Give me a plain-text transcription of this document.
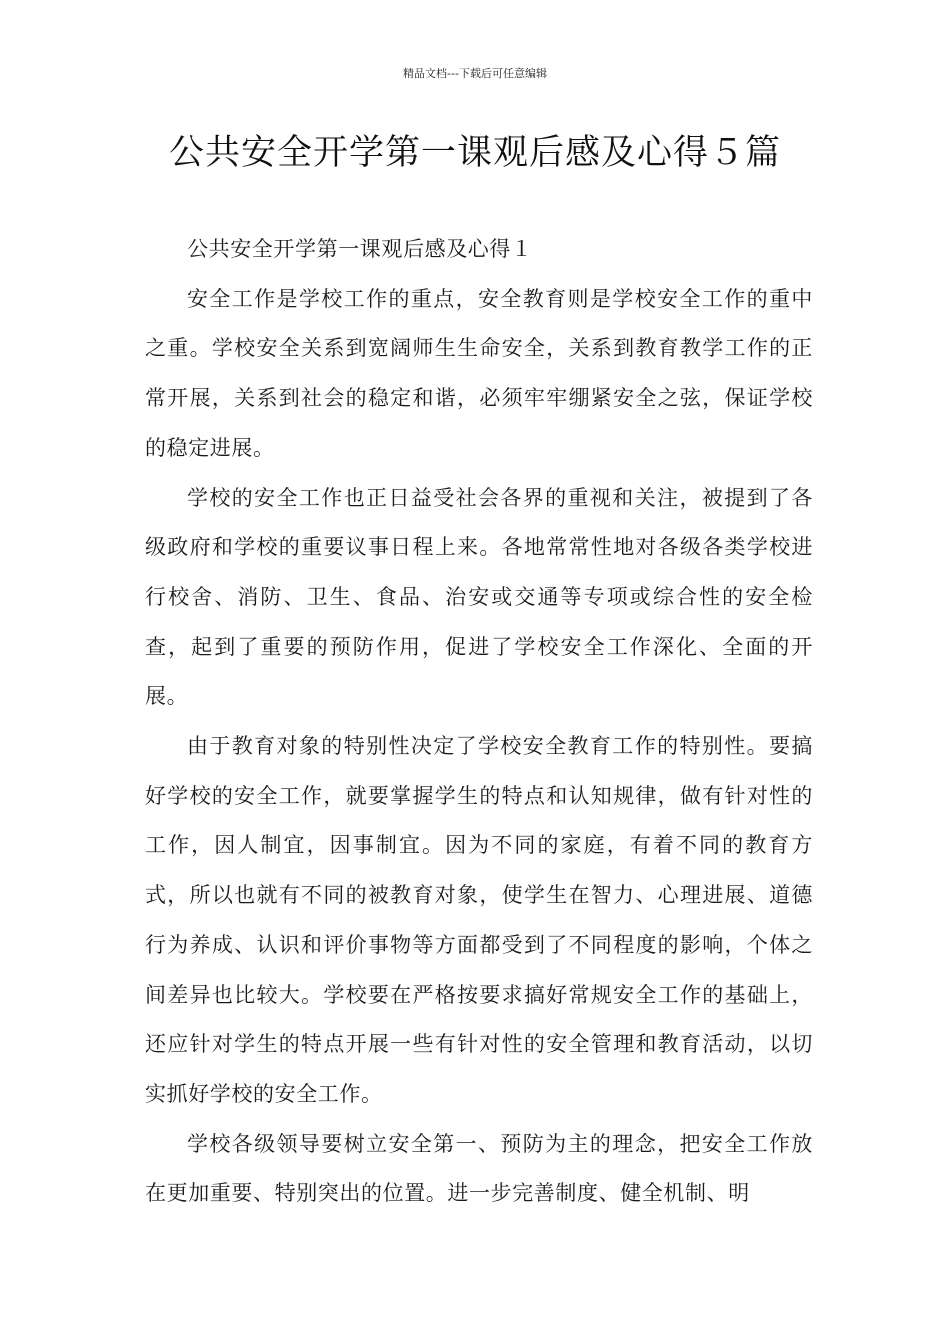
精品文档---下载后可任意编辑
公共安全开学第一课观后感及心得５篇

公共安全开学第一课观后感及心得１

安全工作是学校工作的重点，安全教育则是学校安全工作的重中之重。学校安全关系到宽阔师生生命安全，关系到教育教学工作的正常开展，关系到社会的稳定和谐，必须牢牢绷紧安全之弦，保证学校的稳定进展。

学校的安全工作也正日益受社会各界的重视和关注，被提到了各级政府和学校的重要议事日程上来。各地常常性地对各级各类学校进行校舍、消防、卫生、食品、治安或交通等专项或综合性的安全检查，起到了重要的预防作用，促进了学校安全工作深化、全面的开展。

由于教育对象的特别性决定了学校安全教育工作的特别性。要搞好学校的安全工作，就要掌握学生的特点和认知规律，做有针对性的工作，因人制宜，因事制宜。因为不同的家庭，有着不同的教育方式，所以也就有不同的被教育对象，使学生在智力、心理进展、道德行为养成、认识和评价事物等方面都受到了不同程度的影响，个体之间差异也比较大。学校要在严格按要求搞好常规安全工作的基础上，还应针对学生的特点开展一些有针对性的安全管理和教育活动，以切实抓好学校的安全工作。

学校各级领导要树立安全第一、预防为主的理念，把安全工作放在更加重要、特别突出的位置。进一步完善制度、健全机制、明
